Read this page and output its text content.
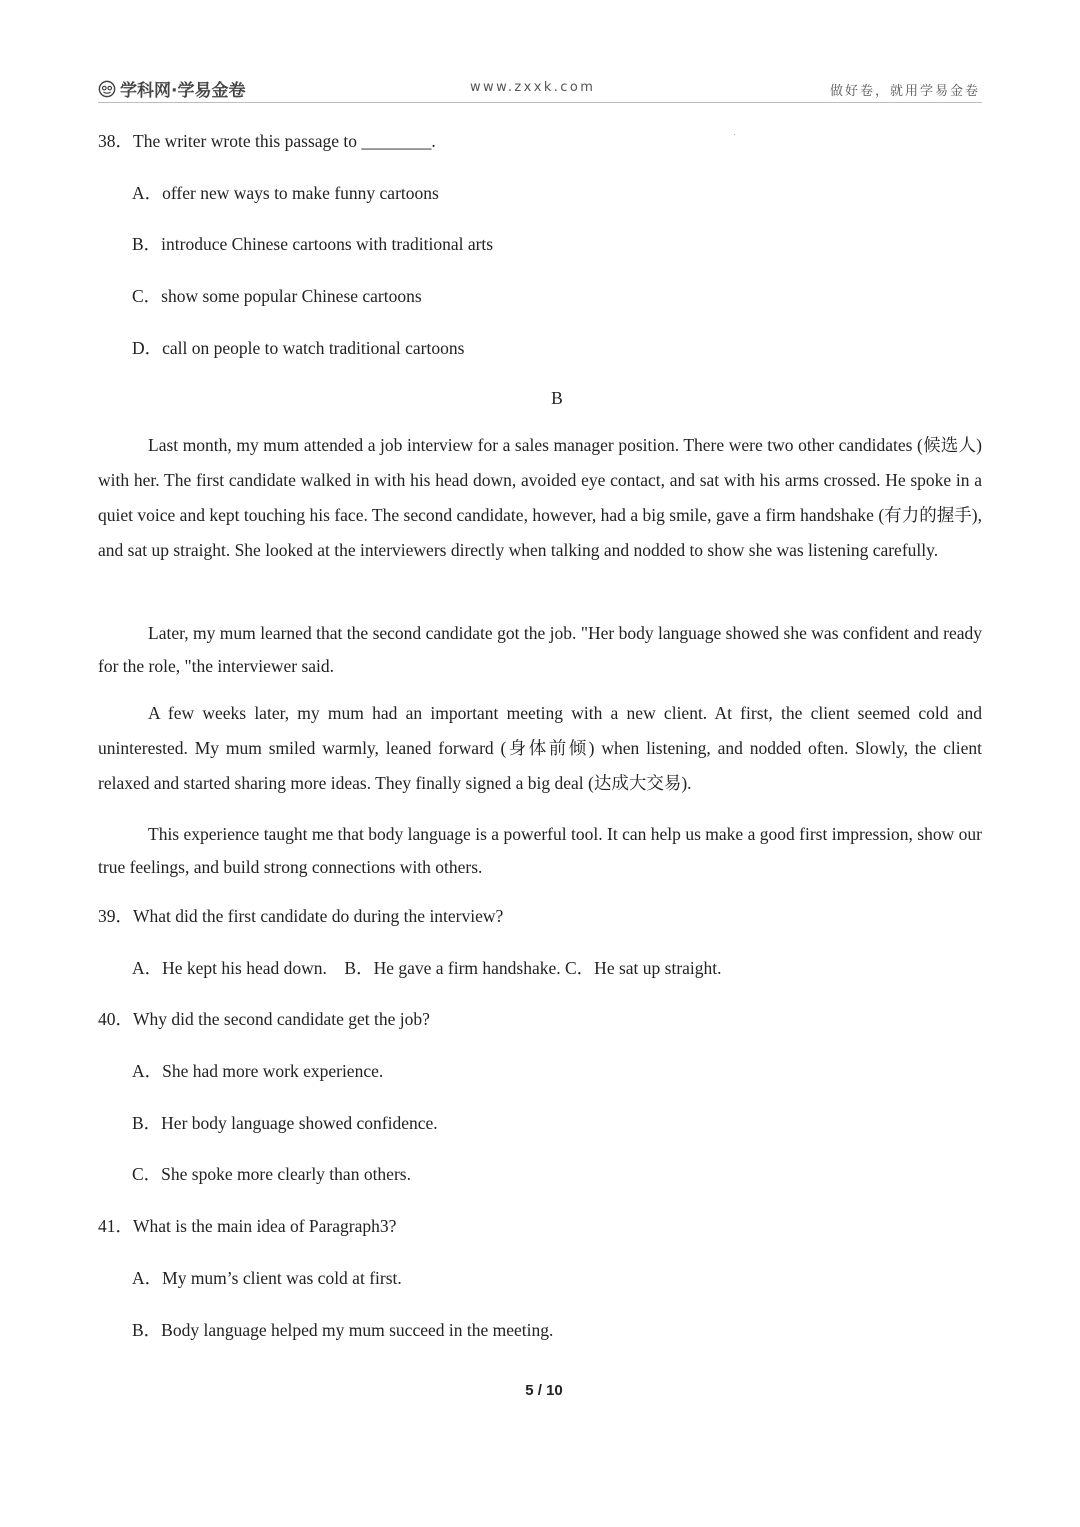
学科网·学易金卷	www.zxxk.com	做好卷，就用学易金卷
38．The writer wrote this passage to ________.
A．offer new ways to make funny cartoons
B．introduce Chinese cartoons with traditional arts
C．show some popular Chinese cartoons
D．call on people to watch traditional cartoons
B
Last month, my mum attended a job interview for a sales manager position. There were two other candidates (候选人) with her. The first candidate walked in with his head down, avoided eye contact, and sat with his arms crossed. He spoke in a quiet voice and kept touching his face. The second candidate, however, had a big smile, gave a firm handshake (有力的握手), and sat up straight. She looked at the interviewers directly when talking and nodded to show she was listening carefully.
Later, my mum learned that the second candidate got the job. "Her body language showed she was confident and ready for the role, "the interviewer said.
A few weeks later, my mum had an important meeting with a new client. At first, the client seemed cold and uninterested. My mum smiled warmly, leaned forward (身体前倾) when listening, and nodded often. Slowly, the client relaxed and started sharing more ideas. They finally signed a big deal (达成大交易).
This experience taught me that body language is a powerful tool. It can help us make a good first impression, show our true feelings, and build strong connections with others.
39．What did the first candidate do during the interview?
A．He kept his head down.    B．He gave a firm handshake. C．He sat up straight.
40．Why did the second candidate get the job?
A．She had more work experience.
B．Her body language showed confidence.
C．She spoke more clearly than others.
41．What is the main idea of Paragraph3?
A．My mum’s client was cold at first.
B．Body language helped my mum succeed in the meeting.
5 / 10
